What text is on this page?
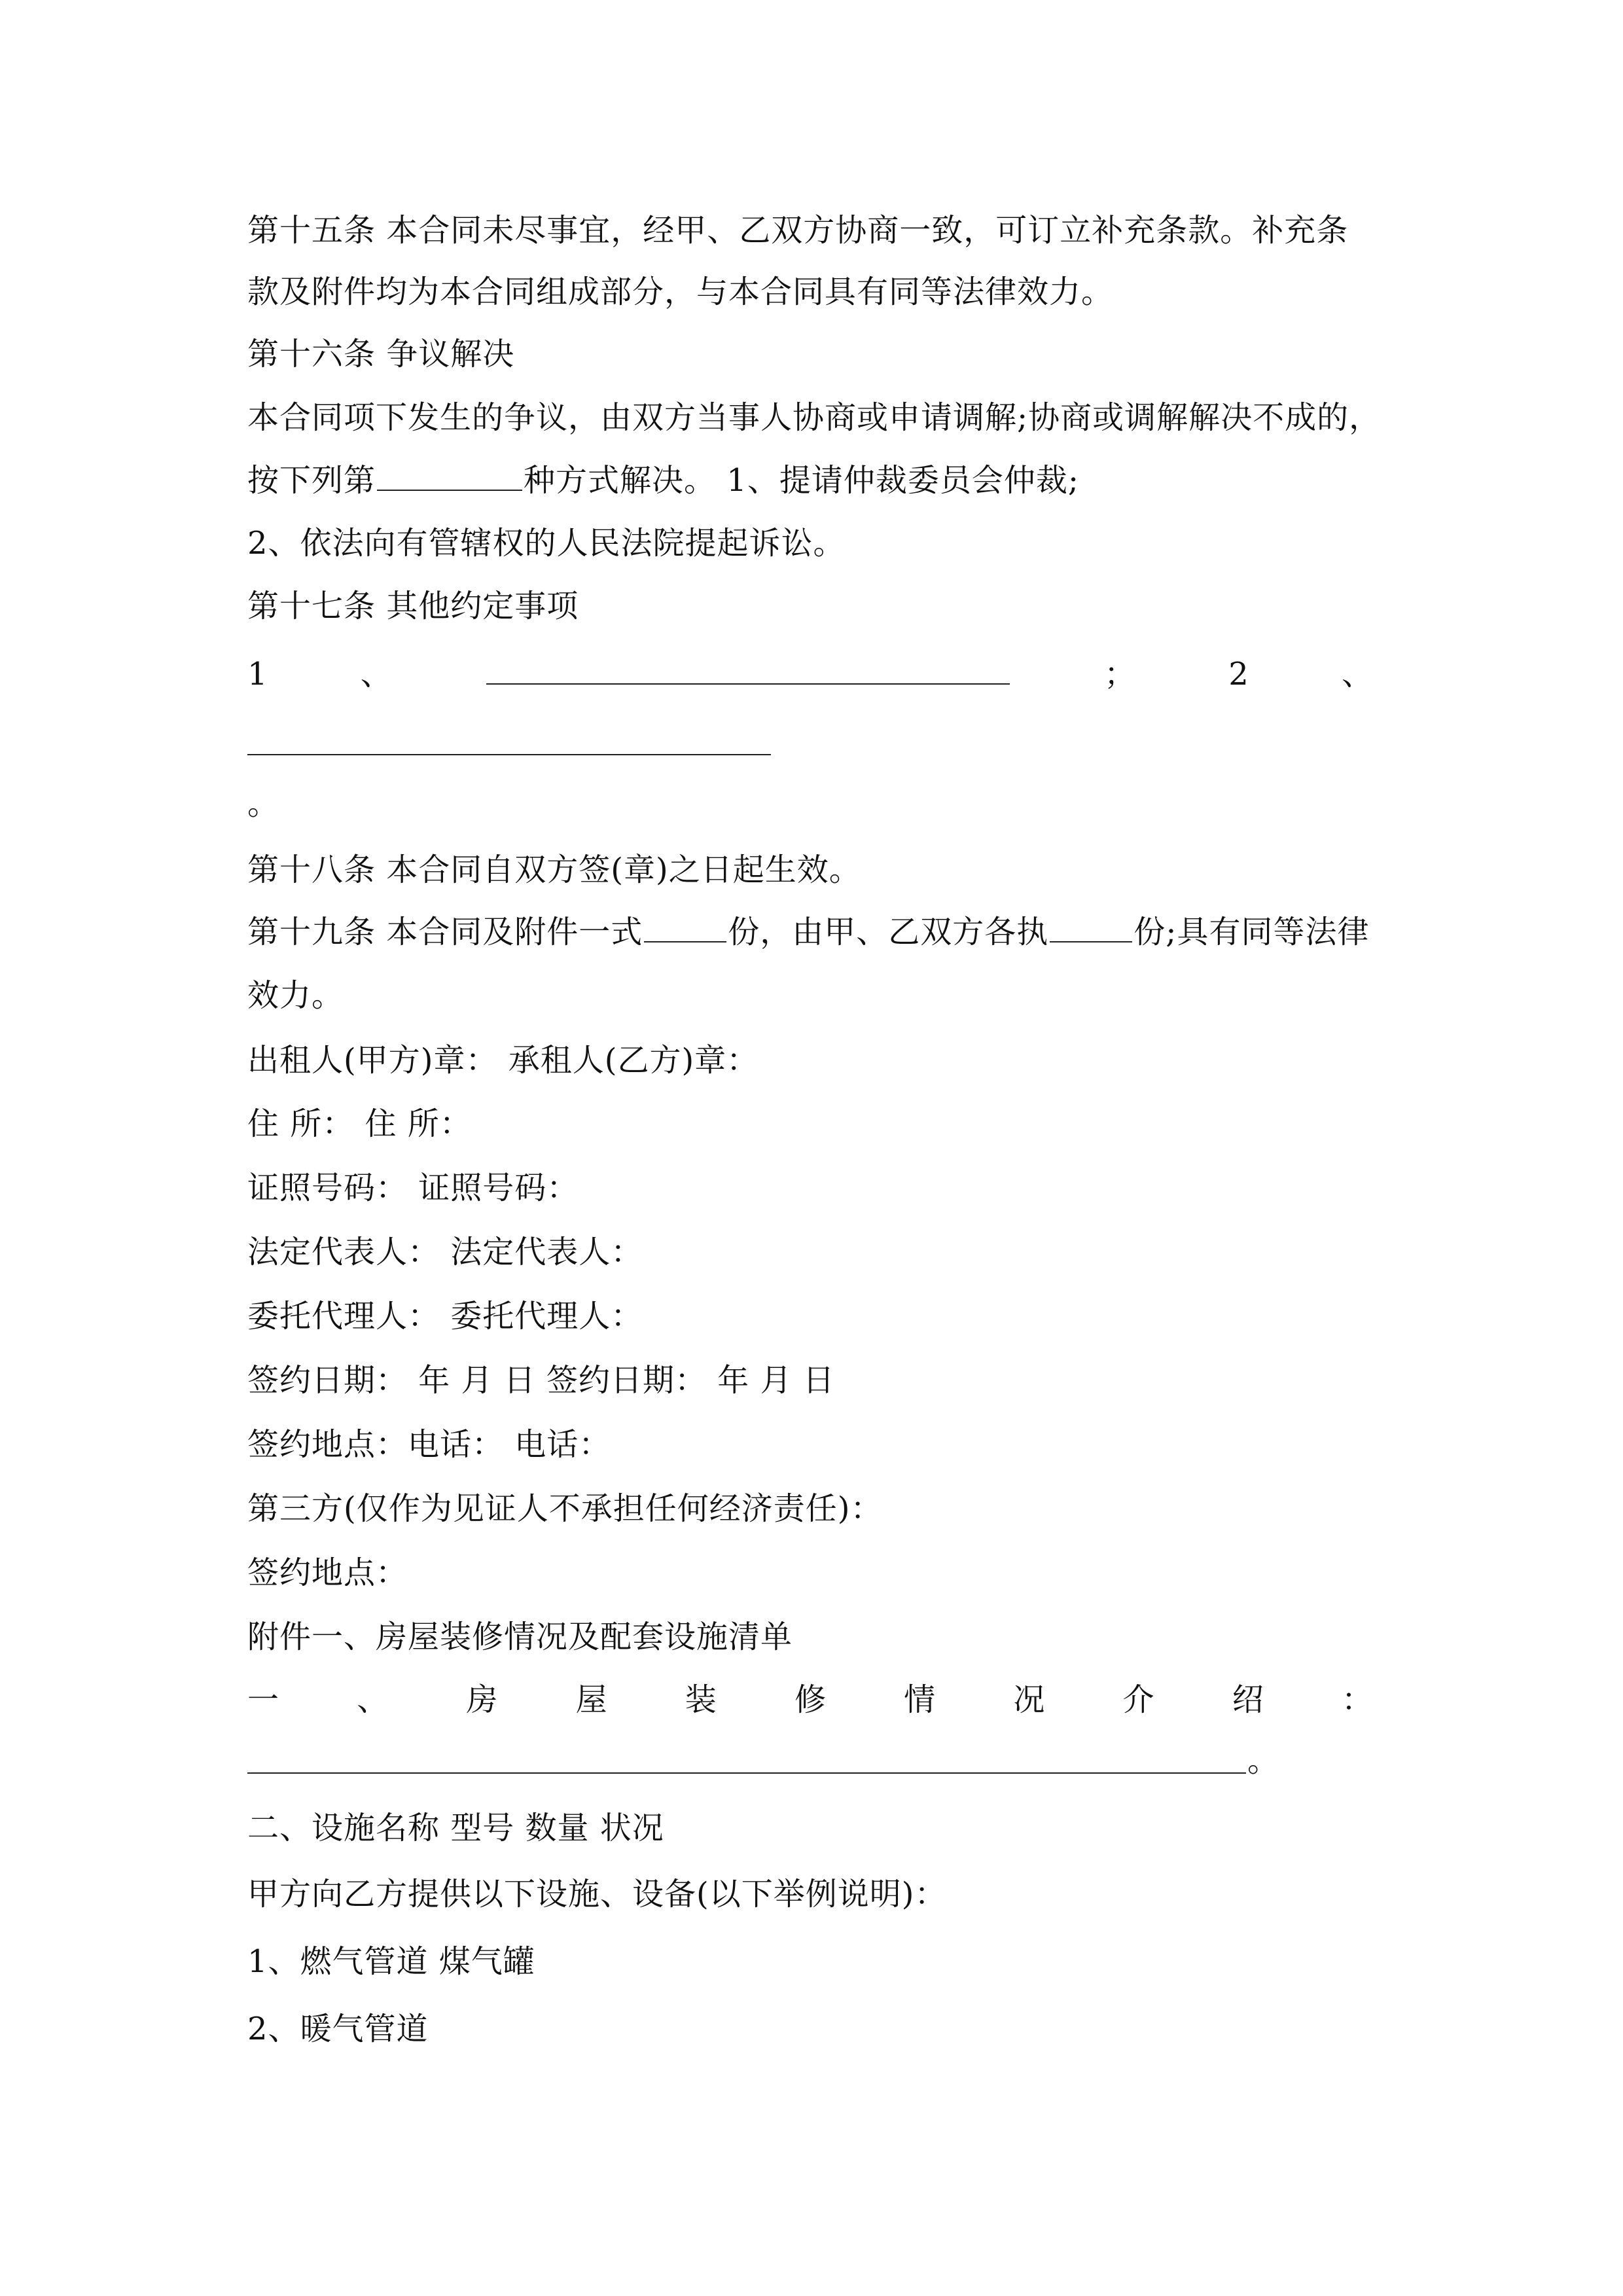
第十五条 本合同未尽事宜，经甲、乙双方协商一致，可订立补充条款。补充条
款及附件均为本合同组成部分，与本合同具有同等法律效力。
第十六条 争议解决
本合同项下发生的争议，由双方当事人协商或申请调解;协商或调解解决不成的，
按下列第	种方式解决。 1、提请仲裁委员会仲裁;
2、依法向有管辖权的人民法院提起诉讼。
第十七条 其他约定事项
1	、	；	2	、
。
第十八条 本合同自双方签(章)之日起生效。
第十九条 本合同及附件一式	份，由甲、乙双方各执	份;具有同等法律
效力。
出租人(甲方)章： 承租人(乙方)章：
住 所： 住 所：
证照号码： 证照号码：
法定代表人： 法定代表人：
委托代理人： 委托代理人：
签约日期： 年 月 日 签约日期： 年 月 日
签约地点：电话： 电话：
第三方(仅作为见证人不承担任何经济责任)：
签约地点：
附件一、房屋装修情况及配套设施清单
一 、 房 屋 装 修 情 况 介 绍 ：
。
二、设施名称 型号 数量 状况
甲方向乙方提供以下设施、设备(以下举例说明)：
1、燃气管道 煤气罐
2、暖气管道
